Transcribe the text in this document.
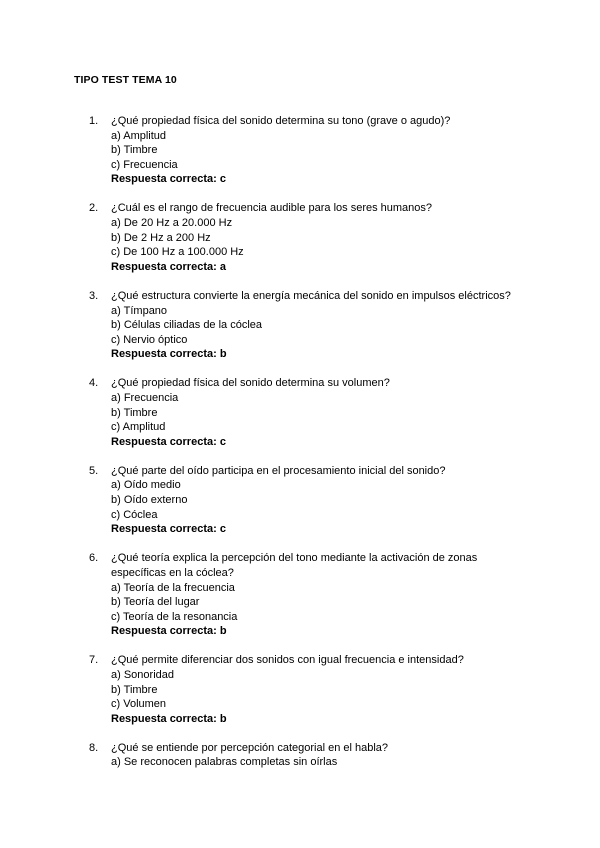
TIPO TEST TEMA 10
1. ¿Qué propiedad física del sonido determina su tono (grave o agudo)?
a) Amplitud
b) Timbre
c) Frecuencia
Respuesta correcta: c
2. ¿Cuál es el rango de frecuencia audible para los seres humanos?
a) De 20 Hz a 20.000 Hz
b) De 2 Hz a 200 Hz
c) De 100 Hz a 100.000 Hz
Respuesta correcta: a
3. ¿Qué estructura convierte la energía mecánica del sonido en impulsos eléctricos?
a) Tímpano
b) Células ciliadas de la cóclea
c) Nervio óptico
Respuesta correcta: b
4. ¿Qué propiedad física del sonido determina su volumen?
a) Frecuencia
b) Timbre
c) Amplitud
Respuesta correcta: c
5. ¿Qué parte del oído participa en el procesamiento inicial del sonido?
a) Oído medio
b) Oído externo
c) Cóclea
Respuesta correcta: c
6. ¿Qué teoría explica la percepción del tono mediante la activación de zonas específicas en la cóclea?
a) Teoría de la frecuencia
b) Teoría del lugar
c) Teoría de la resonancia
Respuesta correcta: b
7. ¿Qué permite diferenciar dos sonidos con igual frecuencia e intensidad?
a) Sonoridad
b) Timbre
c) Volumen
Respuesta correcta: b
8. ¿Qué se entiende por percepción categorial en el habla?
a) Se reconocen palabras completas sin oírlas
